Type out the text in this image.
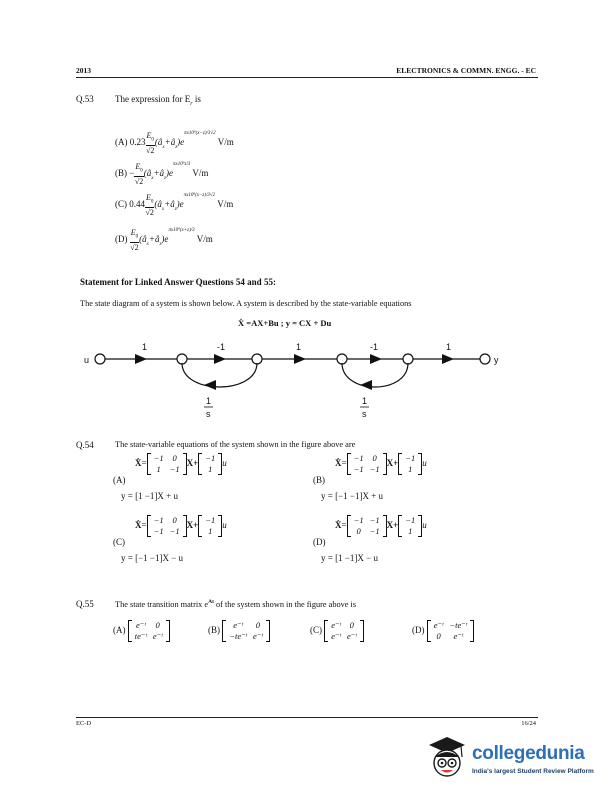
2013	ELECTRONICS & COMMN. ENGG. - EC
Q.53 The expression for $E_r$ is
(A) $0.23 \frac{E_0}{√2}$ $(â_x+â_z)e^{\pi x10^9(x-z)/3√2}$ V/m
$(B) - \frac{E_0}{√2}$ $(â_x+â_z)e^{\pi x10^9z/3}$ V/m
(C) $0.44 \frac{E_0}{√2}$ $(â_x+â_z)e^{\pi x10^9(x-z)/3√2}$ V/m
$(D) \frac{E_0}{√2}$ $(â_x+â_z)e^{\pi x10^9(x+z)/3}$ V/m
Statement for Linked Answer Questions 54 and 55:
The state diagram of a system is shown below. A system is described by the state-variable equations
Ẋ =AX+Bu ; y = CX + Du
u	y
1	-1	1	-1	1
1
s
1
s
Q.54	The state-variable equations of the system shown in the figure above are
(A)
Ẋ=
−1	0
1	−1
X+
−1
1
u
y = [1 −1]X + u
(B)
Ẋ=
−1	0
−1	−1
X+
−1
1
u
y = [−1 −1]X + u
(C)
Ẋ=
−1	0
−1	−1
X+
−1
1
u
y = [−1 −1]X − u
(D)
Ẋ=
−1	−1
0	−1
X+
−1
1
u
y = [1 −1]X − u
Q.55	The state transition matrix $e^{At}$ of the system shown in the figure above is
(A)
e⁻ᵗ	0
te⁻ᵗ	e⁻ᵗ
(B)
e⁻ᵗ	0
−te⁻ᵗ	e⁻ᵗ
(C)
e⁻ᵗ	0
e⁻ᵗ	e⁻ᵗ
(D)
e⁻ᵗ	−te⁻ᵗ
0	e⁻ᵗ
EC-D	16/24
collegedunia
India's largest Student Review Platform
